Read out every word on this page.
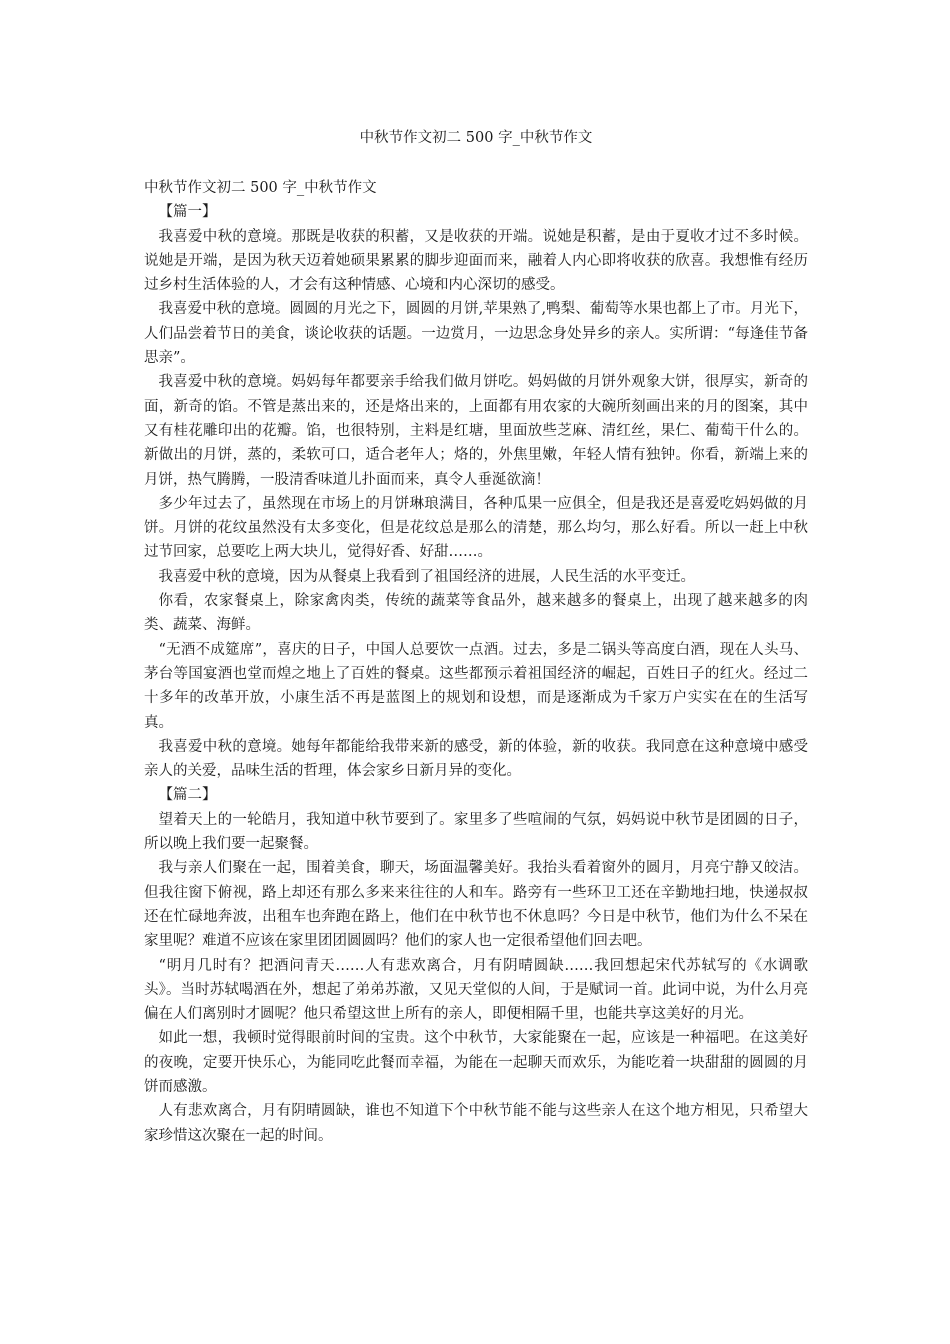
中秋节作文初二 500 字_中秋节作文

中秋节作文初二 500 字_中秋节作文

【篇一】

我喜爱中秋的意境。那既是收获的积蓄，又是收获的开端。说她是积蓄，是由于夏收才过不多时候。说她是开端，是因为秋天迈着她硕果累累的脚步迎面而来，融着人内心即将收获的欣喜。我想惟有经历过乡村生活体验的人，才会有这种情感、心境和内心深切的感受。

我喜爱中秋的意境。圆圆的月光之下，圆圆的月饼,苹果熟了,鸭梨、葡萄等水果也都上了市。月光下，人们品尝着节日的美食，谈论收获的话题。一边赏月，一边思念身处异乡的亲人。实所谓：“每逢佳节备思亲”。

我喜爱中秋的意境。妈妈每年都要亲手给我们做月饼吃。妈妈做的月饼外观象大饼，很厚实，新奇的面，新奇的馅。不管是蒸出来的，还是烙出来的，上面都有用农家的大碗所刻画出来的月的图案，其中又有桂花雕印出的花瓣。馅，也很特别，主料是红塘，里面放些芝麻、清红丝，果仁、葡萄干什么的。新做出的月饼，蒸的，柔软可口，适合老年人；烙的，外焦里嫩，年轻人情有独钟。你看，新端上来的月饼，热气腾腾，一股清香味道儿扑面而来，真令人垂涎欲滴！

多少年过去了，虽然现在市场上的月饼琳琅满目，各种瓜果一应俱全，但是我还是喜爱吃妈妈做的月饼。月饼的花纹虽然没有太多变化，但是花纹总是那么的清楚，那么均匀，那么好看。所以一赶上中秋过节回家，总要吃上两大块儿，觉得好香、好甜……。

我喜爱中秋的意境，因为从餐桌上我看到了祖国经济的进展，人民生活的水平变迁。

你看，农家餐桌上，除家禽肉类，传统的蔬菜等食品外，越来越多的餐桌上，出现了越来越多的肉类、蔬菜、海鲜。

“无酒不成筵席”，喜庆的日子，中国人总要饮一点酒。过去，多是二锅头等高度白酒，现在人头马、茅台等国宴酒也堂而煌之地上了百姓的餐桌。这些都预示着祖国经济的崛起，百姓日子的红火。经过二十多年的改革开放，小康生活不再是蓝图上的规划和设想，而是逐渐成为千家万户实实在在的生活写真。

我喜爱中秋的意境。她每年都能给我带来新的感受，新的体验，新的收获。我同意在这种意境中感受亲人的关爱，品味生活的哲理，体会家乡日新月异的变化。

【篇二】

望着天上的一轮皓月，我知道中秋节要到了。家里多了些喧闹的气氛，妈妈说中秋节是团圆的日子，所以晚上我们要一起聚餐。

我与亲人们聚在一起，围着美食，聊天，场面温馨美好。我抬头看着窗外的圆月，月亮宁静又皎洁。但我往窗下俯视，路上却还有那么多来来往往的人和车。路旁有一些环卫工还在辛勤地扫地，快递叔叔还在忙碌地奔波，出租车也奔跑在路上，他们在中秋节也不休息吗？今日是中秋节，他们为什么不呆在家里呢？难道不应该在家里团团圆圆吗？他们的家人也一定很希望他们回去吧。

“明月几时有？把酒问青天……人有悲欢离合，月有阴晴圆缺……我回想起宋代苏轼写的《水调歌头》。当时苏轼喝酒在外，想起了弟弟苏澈，又见天堂似的人间，于是赋词一首。此词中说，为什么月亮偏在人们离别时才圆呢？他只希望这世上所有的亲人，即便相隔千里，也能共享这美好的月光。

如此一想，我顿时觉得眼前时间的宝贵。这个中秋节，大家能聚在一起，应该是一种福吧。在这美好的夜晚，定要开快乐心，为能同吃此餐而幸福，为能在一起聊天而欢乐，为能吃着一块甜甜的圆圆的月饼而感激。

人有悲欢离合，月有阴晴圆缺，谁也不知道下个中秋节能不能与这些亲人在这个地方相见，只希望大家珍惜这次聚在一起的时间。
